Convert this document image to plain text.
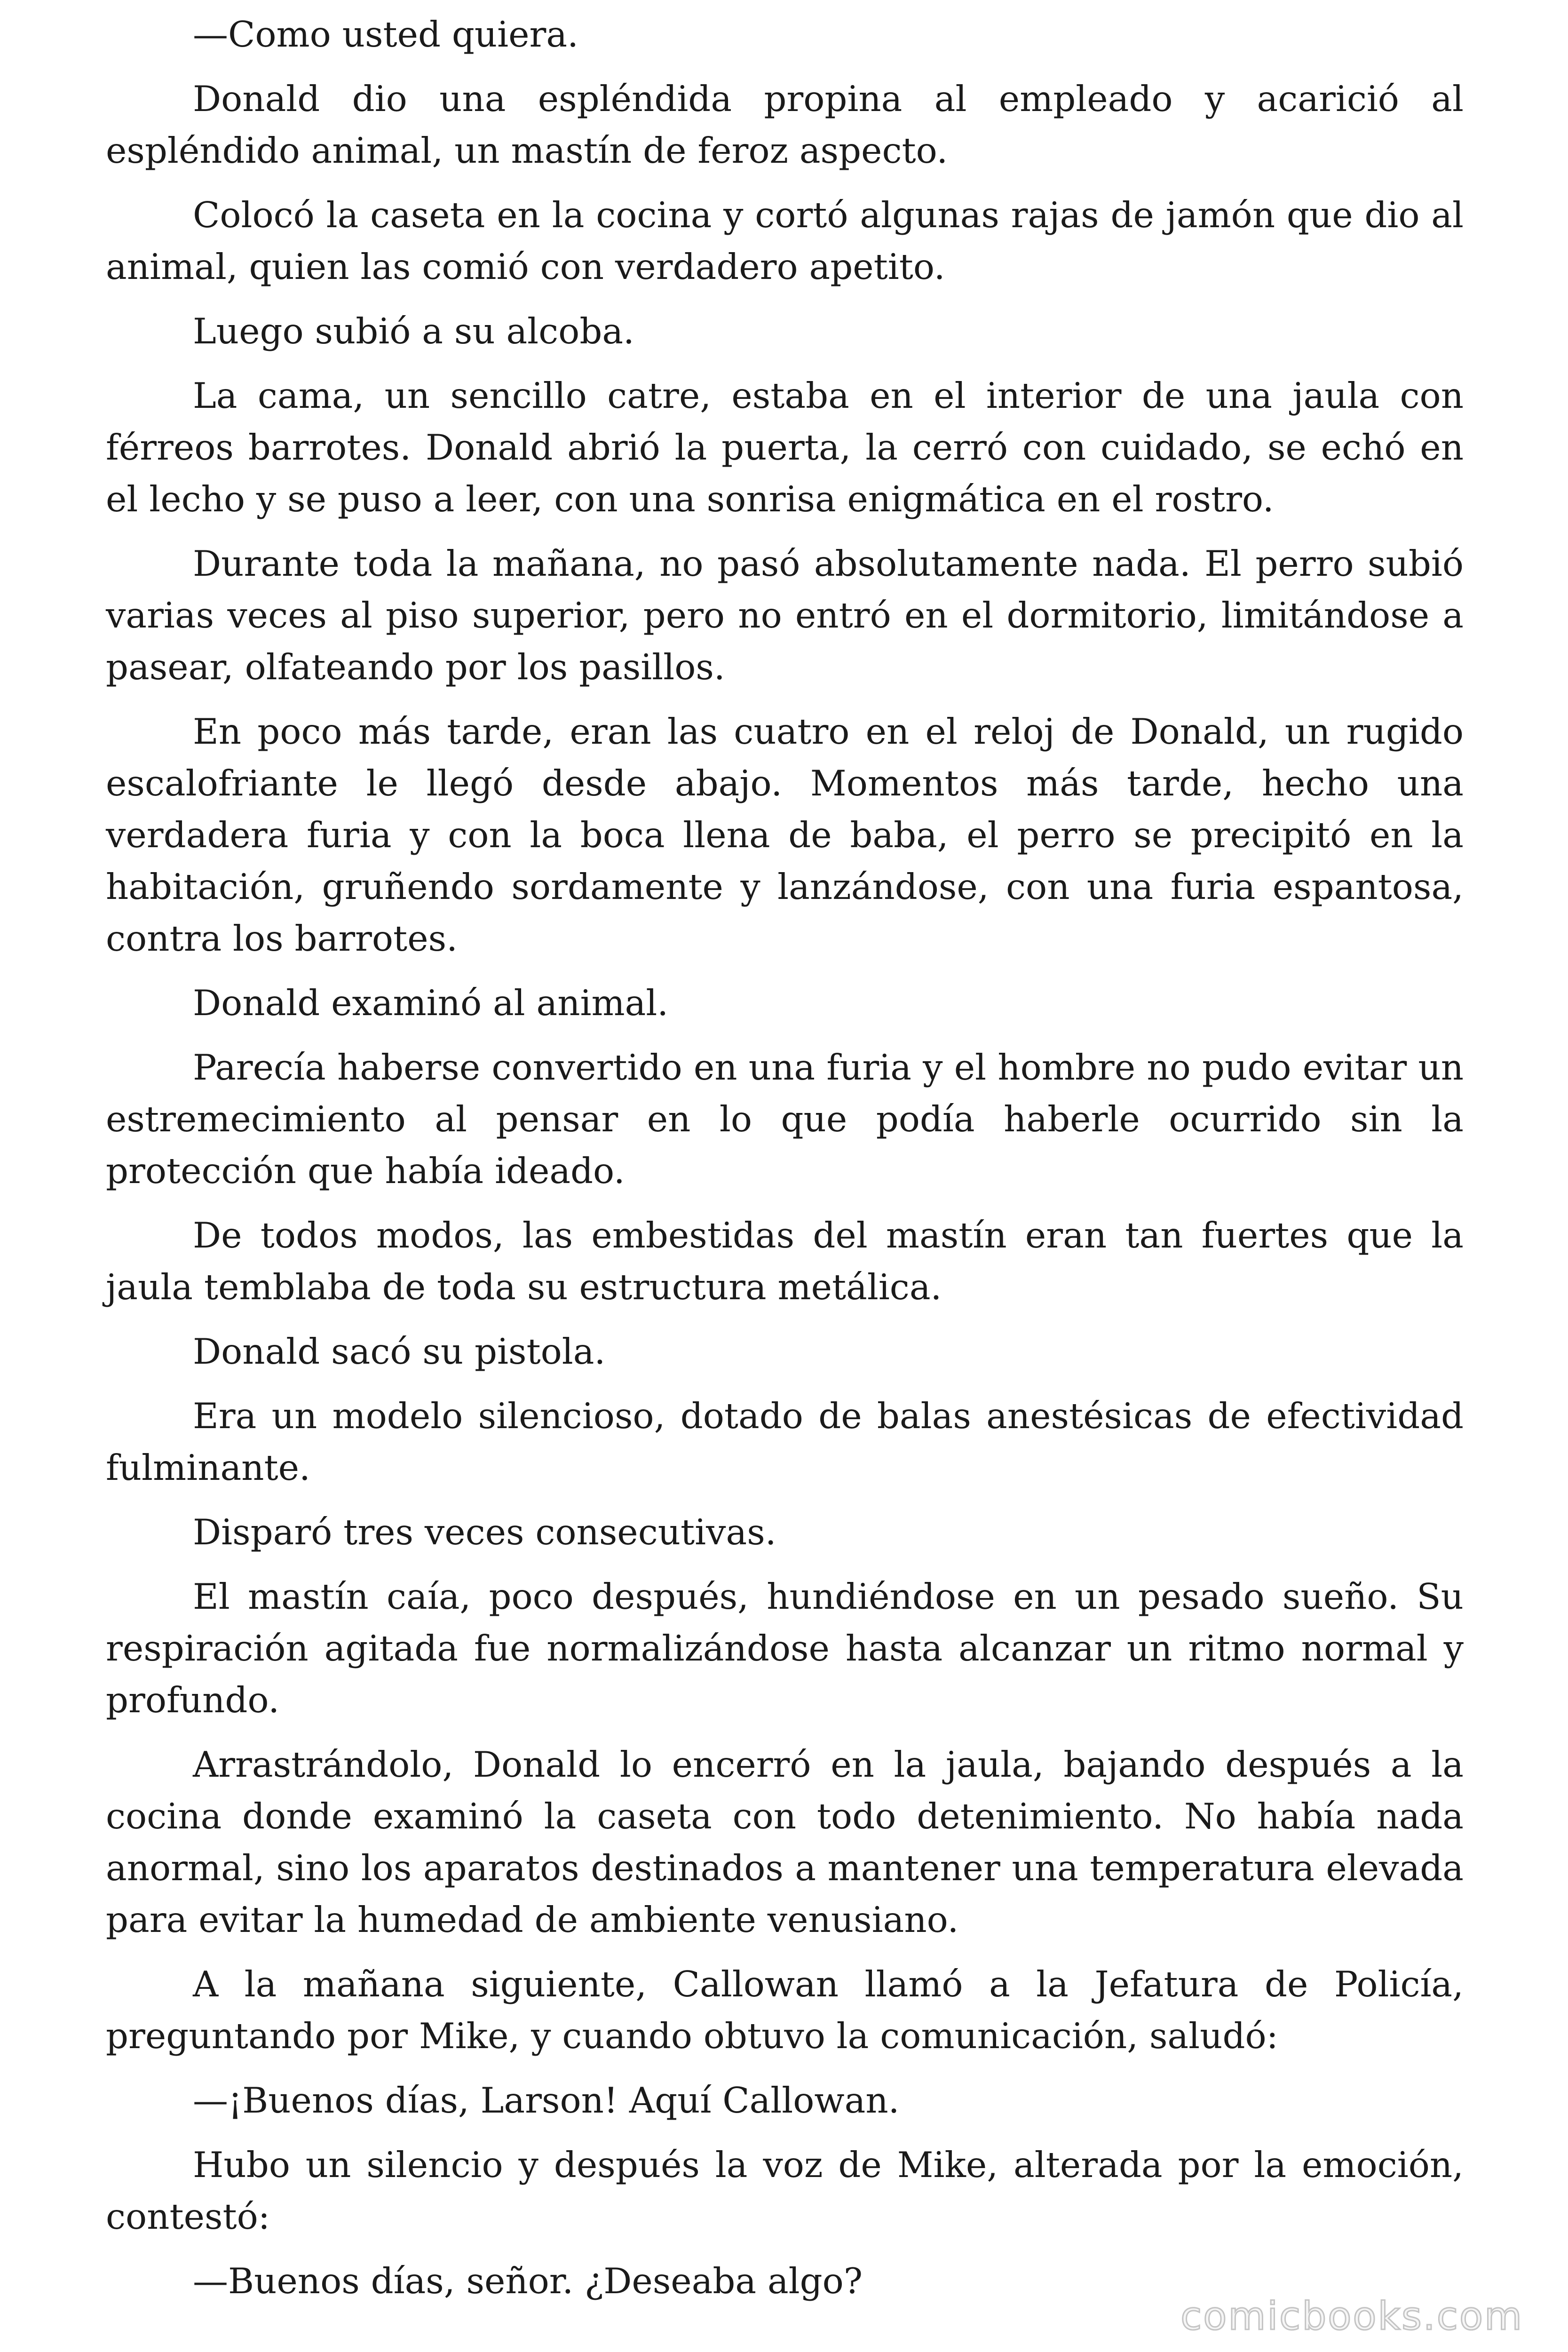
—Como usted quiera.

Donald dio una espléndida propina al empleado y acarició al espléndido animal, un mastín de feroz aspecto.

Colocó la caseta en la cocina y cortó algunas rajas de jamón que dio al animal, quien las comió con verdadero apetito.

Luego subió a su alcoba.

La cama, un sencillo catre, estaba en el interior de una jaula con férreos barrotes. Donald abrió la puerta, la cerró con cuidado, se echó en el lecho y se puso a leer, con una sonrisa enigmática en el rostro.

Durante toda la mañana, no pasó absolutamente nada. El perro subió varias veces al piso superior, pero no entró en el dormitorio, limitándose a pasear, olfateando por los pasillos.

En poco más tarde, eran las cuatro en el reloj de Donald, un rugido escalofriante le llegó desde abajo. Momentos más tarde, hecho una verdadera furia y con la boca llena de baba, el perro se precipitó en la habitación, gruñendo sordamente y lanzándose, con una furia espantosa, contra los barrotes.

Donald examinó al animal.

Parecía haberse convertido en una furia y el hombre no pudo evitar un estremecimiento al pensar en lo que podía haberle ocurrido sin la protección que había ideado.

De todos modos, las embestidas del mastín eran tan fuertes que la jaula temblaba de toda su estructura metálica.

Donald sacó su pistola.

Era un modelo silencioso, dotado de balas anestésicas de efectividad fulminante.

Disparó tres veces consecutivas.

El mastín caía, poco después, hundiéndose en un pesado sueño. Su respiración agitada fue normalizándose hasta alcanzar un ritmo normal y profundo.

Arrastrándolo, Donald lo encerró en la jaula, bajando después a la cocina donde examinó la caseta con todo detenimiento. No había nada anormal, sino los aparatos destinados a mantener una temperatura elevada para evitar la humedad de ambiente venusiano.

A la mañana siguiente, Callowan llamó a la Jefatura de Policía, preguntando por Mike, y cuando obtuvo la comunicación, saludó:

—¡Buenos días, Larson! Aquí Callowan.

Hubo un silencio y después la voz de Mike, alterada por la emoción, contestó:

—Buenos días, señor. ¿Deseaba algo?

comicbooks.com
